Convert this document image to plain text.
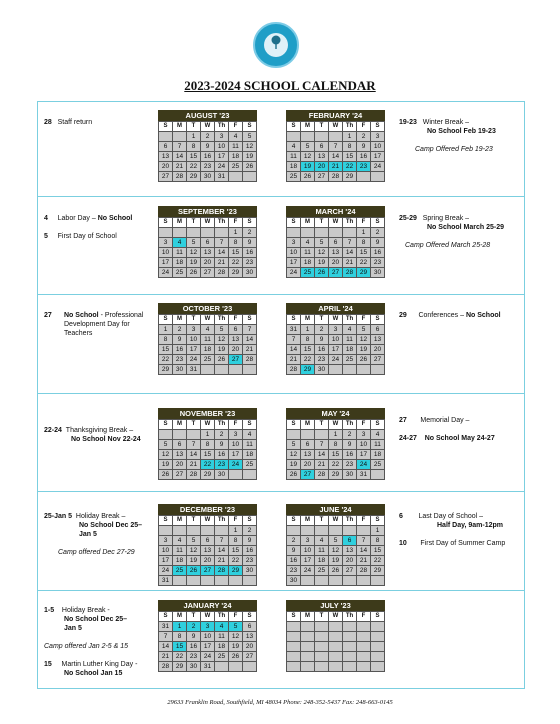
2023-2024 SCHOOL CALENDAR
AUGUST '23
S	M	T	W	Th	F	S
		1	2	3	4	5
6	7	8	9	10	11	12
13	14	15	16	17	18	19
20	21	22	23	24	25	26
27	28	29	30	31		
FEBRUARY '24
S	M	T	W	Th	F	S
				1	2	3
4	5	6	7	8	9	10
11	12	13	14	15	16	17
18	19	20	21	22	23	24
25	26	27	28	29		
SEPTEMBER '23
S	M	T	W	Th	F	S
					1	2
3	4	5	6	7	8	9
10	11	12	13	14	15	16
17	18	19	20	21	22	23
24	25	26	27	28	29	30
MARCH '24
S	M	T	W	Th	F	S
					1	2
3	4	5	6	7	8	9
10	11	12	13	14	15	16
17	18	19	20	21	22	23
24	25	26	27	28	29	30
OCTOBER '23
S	M	T	W	Th	F	S
1	2	3	4	5	6	7
8	9	10	11	12	13	14
15	16	17	18	19	20	21
22	23	24	25	26	27	28
29	30	31				
APRIL '24
S	M	T	W	Th	F	S
31	1	2	3	4	5	6
7	8	9	10	11	12	13
14	15	16	17	18	19	20
21	22	23	24	25	26	27
28	29	30				
NOVEMBER '23
S	M	T	W	Th	F	S
			1	2	3	4
5	6	7	8	9	10	11
12	13	14	15	16	17	18
19	20	21	22	23	24	25
26	27	28	29	30		
MAY '24
S	M	T	W	Th	F	S
			1	2	3	4
5	6	7	8	9	10	11
12	13	14	15	16	17	18
19	20	21	22	23	24	25
26	27	28	29	30	31	
DECEMBER '23
S	M	T	W	Th	F	S
					1	2
3	4	5	6	7	8	9
10	11	12	13	14	15	16
17	18	19	20	21	22	23
24	25	26	27	28	29	30
31						
JUNE '24
S	M	T	W	Th	F	S
						1
2	3	4	5	6	7	8
9	10	11	12	13	14	15
16	17	18	19	20	21	22
23	24	25	26	27	28	29
30						
JANUARY '24
S	M	T	W	Th	F	S
31	1	2	3	4	5	6
7	8	9	10	11	12	13
14	15	16	17	18	19	20
21	22	23	24	25	26	27
28	29	30	31			
JULY '23
S	M	T	W	Th	F	S

28 Staff return	19-23 Winter Break –
No School Feb 19-23

Camp Offered Feb 19-23
4 Labor Day – No School

5 First Day of School
25-29 Spring Break –
No School March 25-29

Camp Offered March 25-28
27	No School - Professional Development Day for Teachers
29 Conferences – No School
22-24 Thanksgiving Break –
No School Nov 22-24
27 Memorial Day –

24-27 No School May 24-27
25-Jan 5 Holiday Break –
No School Dec 25–
Jan 5

Camp offered Dec 27-29
6 Last Day of School –
Half Day, 9am-12pm

10 First Day of Summer Camp
1-5 Holiday Break -
No School Dec 25–
Jan 5

Camp offered Jan 2-5 & 15

15 Martin Luther King Day -
No School Jan 15
29633 Franklin Road, Southfield, MI 48034 Phone: 248-352-5437 Fax: 248-663-0145
